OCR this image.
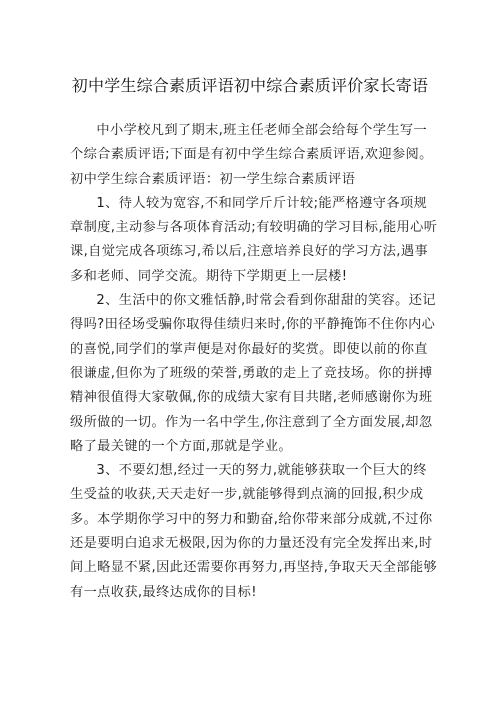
初中学生综合素质评语初中综合素质评价家长寄语

中小学校凡到了期末,班主任老师全部会给每个学生写一个综合素质评语;下面是有初中学生综合素质评语,欢迎参阅。初中学生综合素质评语：初一学生综合素质评语

1、待人较为宽容,不和同学斤斤计较;能严格遵守各项规章制度,主动参与各项体育活动;有较明确的学习目标,能用心听课,自觉完成各项练习,希以后,注意培养良好的学习方法,遇事多和老师、同学交流。期待下学期更上一层楼!

2、生活中的你文雅恬静,时常会看到你甜甜的笑容。还记得吗?田径场受骗你取得佳绩归来时,你的平静掩饰不住你内心的喜悦,同学们的掌声便是对你最好的奖赏。即使以前的你直很谦虚,但你为了班级的荣誉,勇敢的走上了竞技场。你的拼搏精神很值得大家敬佩,你的成绩大家有目共睹,老师感谢你为班级所做的一切。作为一名中学生,你注意到了全方面发展,却忽略了最关键的一个方面,那就是学业。

3、不要幻想,经过一天的努力,就能够获取一个巨大的终生受益的收获,天天走好一步,就能够得到点滴的回报,积少成多。本学期你学习中的努力和勤奋,给你带来部分成就,不过你还是要明白追求无极限,因为你的力量还没有完全发挥出来,时间上略显不紧,因此还需要你再努力,再坚持,争取天天全部能够有一点收获,最终达成你的目标!
